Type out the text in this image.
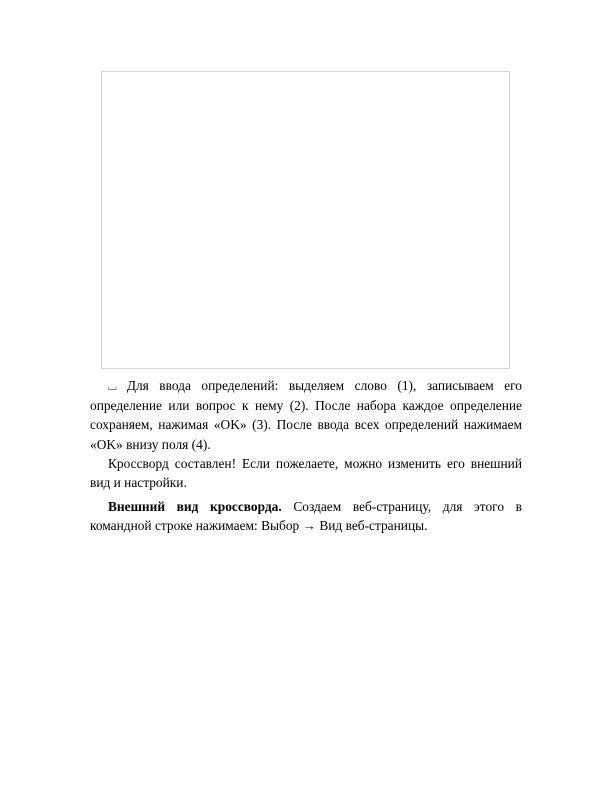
⌴ Для ввода определений: выделяем слово (1), записываем его определение или вопрос к нему (2). После набора каждое определение сохраняем, нажимая «OK» (3). После ввода всех определений нажимаем «OK» внизу поля (4).

Кроссворд составлен! Если пожелаете, можно изменить его внешний вид и настройки.

Внешний вид кроссворда. Создаем веб-страницу, для этого в командной строке нажимаем: Выбор → Вид веб-страницы.
